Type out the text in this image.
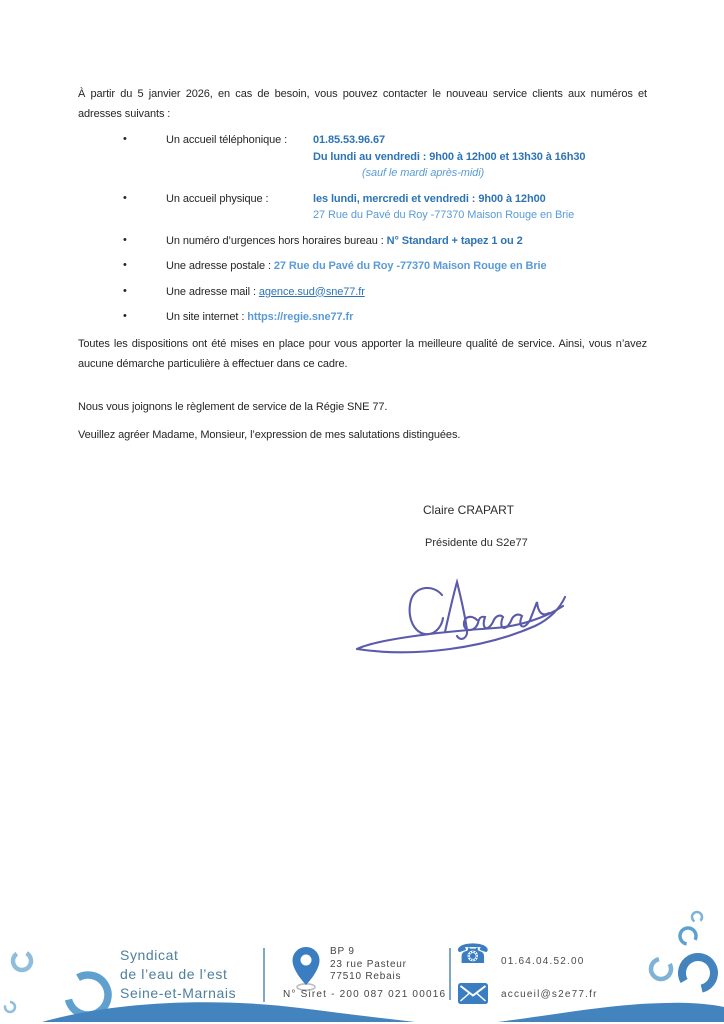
À partir du 5 janvier 2026, en cas de besoin, vous pouvez contacter le nouveau service clients aux numéros et adresses suivants :

•	Un accueil téléphonique : 01.85.53.96.67
Du lundi au vendredi : 9h00 à 12h00 et 13h30 à 16h30
(sauf le mardi après-midi)
•	Un accueil physique :	les lundi, mercredi et vendredi : 9h00 à 12h00
27 Rue du Pavé du Roy -77370 Maison Rouge en Brie
•	Un numéro d’urgences hors horaires bureau : N° Standard + tapez 1 ou 2
•	Une adresse postale : 27 Rue du Pavé du Roy -77370 Maison Rouge en Brie
•	Une adresse mail : agence.sud@sne77.fr
•	Un site internet : https://regie.sne77.fr

Toutes les dispositions ont été mises en place pour vous apporter la meilleure qualité de service. Ainsi, vous n’avez aucune démarche particulière à effectuer dans ce cadre.

Nous vous joignons le règlement de service de la Régie SNE 77.

Veuillez agréer Madame, Monsieur, l’expression de mes salutations distinguées.

Claire CRAPART
Présidente du S2e77
Syndicat
de l’eau de l’est
Seine-et-Marnais
BP 9
23 rue Pasteur
77510 Rebais
N° Siret - 200 087 021 00016
☎ 01.64.04.52.00
accueil@s2e77.fr
